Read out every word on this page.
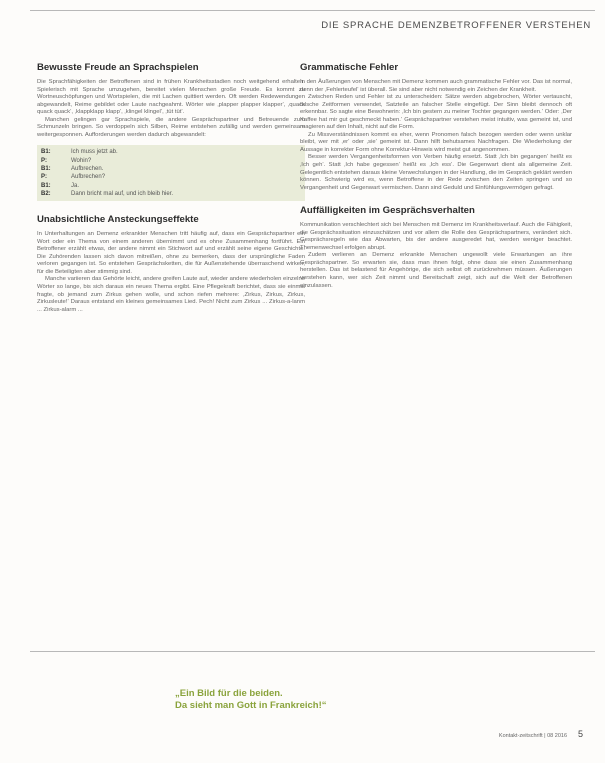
DIE SPRACHE DEMENZBETROFFENER VERSTEHEN
Bewusste Freude an Sprachspielen

Die Sprachfähigkeiten der Betroffenen sind in frühen Krankheitsstadien noch weitgehend erhalten. Spielerisch mit Sprache umzugehen, bereitet vielen Menschen große Freude. Es kommt zu Wortneuschöpfungen und Wortspielen, die mit Lachen quittiert werden. Oft werden Redewendungen abgewandelt, Reime gebildet oder Laute nachgeahmt. Wörter wie ‚plapper plapper klapper‘, ‚quack quack quack‘, ‚klappklapp klapp‘, ‚klingel klingel‘, ‚tüt tüt‘.

Manchen gelingen gar Sprachspiele, die andere Gesprächspartner und Betreuende zum Schmunzeln bringen. So verdoppeln sich Silben, Reime entstehen zufällig und werden gemeinsam weitergesponnen. Aufforderungen werden dadurch abgewandelt:

B1:	Ich muss jetzt ab.
P:	Wohin?
B1:	Aufbrechen.
P:	Aufbrechen?
B1:	Ja.
B2:	Dann bricht mal auf, und ich bleib hier.
Unabsichtliche Ansteckungseffekte

In Unterhaltungen an Demenz erkrankter Menschen tritt häufig auf, dass ein Gesprächspartner ein Wort oder ein Thema von einem anderen übernimmt und es ohne Zusammenhang fortführt. Ein Betroffener erzählt etwas, der andere nimmt ein Stichwort auf und erzählt seine eigene Geschichte. Die Zuhörenden lassen sich davon mitreißen, ohne zu bemerken, dass der ursprüngliche Faden verloren gegangen ist. So entstehen Gesprächsketten, die für Außenstehende überraschend wirken, für die Beteiligten aber stimmig sind.

Manche variieren das Gehörte leicht, andere greifen Laute auf, wieder andere wiederholen einzelne Wörter so lange, bis sich daraus ein neues Thema ergibt. Eine Pflegekraft berichtet, dass sie einmal fragte, ob jemand zum Zirkus gehen wolle, und schon riefen mehrere: ‚Zirkus, Zirkus, Zirkus, Zirkusleute!‘ Daraus entstand ein kleines gemeinsames Lied. Pech! Nicht zum Zirkus ... Zirkus-a-lanm ... Zirkus-alarm ...

Grammatische Fehler

In den Äußerungen von Menschen mit Demenz kommen auch grammatische Fehler vor. Das ist normal, denn der ‚Fehlerteufel‘ ist überall. Sie sind aber nicht notwendig ein Zeichen der Krankheit.

Zwischen Reden und Fehler ist zu unterscheiden: Sätze werden abgebrochen, Wörter vertauscht, falsche Zeitformen verwendet, Satzteile an falscher Stelle eingefügt. Der Sinn bleibt dennoch oft erkennbar. So sagte eine Bewohnerin: ‚Ich bin gestern zu meiner Tochter gegangen werden.‘ Oder: ‚Der Kaffee hat mir gut geschmeckt haben.‘ Gesprächspartner verstehen meist intuitiv, was gemeint ist, und reagieren auf den Inhalt, nicht auf die Form.

Zu Missverständnissen kommt es eher, wenn Pronomen falsch bezogen werden oder wenn unklar bleibt, wer mit ‚er‘ oder ‚sie‘ gemeint ist. Dann hilft behutsames Nachfragen. Die Wiederholung der Aussage in korrekter Form ohne Korrektur-Hinweis wird meist gut angenommen.

Besser werden Vergangenheitsformen von Verben häufig ersetzt. Statt ‚Ich bin gegangen‘ heißt es ‚Ich geh‘. Statt ‚Ich habe gegessen‘ heißt es ‚Ich ess‘. Die Gegenwart dient als allgemeine Zeit. Gelegentlich entstehen daraus kleine Verwechslungen in der Handlung, die im Gespräch geklärt werden können. Schwierig wird es, wenn Betroffene in der Rede zwischen den Zeiten springen und so Vergangenheit und Gegenwart vermischen. Dann sind Geduld und Einfühlungsvermögen gefragt.

Auffälligkeiten im Gesprächsverhalten

Kommunikation verschlechtert sich bei Menschen mit Demenz im Krankheitsverlauf. Auch die Fähigkeit, die Gesprächssituation einzuschätzen und vor allem die Rolle des Gesprächspartners, verändert sich. Gesprächsregeln wie das Abwarten, bis der andere ausgeredet hat, werden weniger beachtet. Themenwechsel erfolgen abrupt.

Zudem verlieren an Demenz erkrankte Menschen ungewollt viele Erwartungen an ihre Gesprächspartner. So erwarten sie, dass man ihnen folgt, ohne dass sie einen Zusammenhang herstellen. Das ist belastend für Angehörige, die sich selbst oft zurücknehmen müssen. Äußerungen verstehen kann, wer sich Zeit nimmt und Bereitschaft zeigt, sich auf die Welt der Betroffenen einzulassen.

„Ein Bild für die beiden.
Da sieht man Gott in Frankreich!“
Kontakt-zeitschrift | 08 2016 5
